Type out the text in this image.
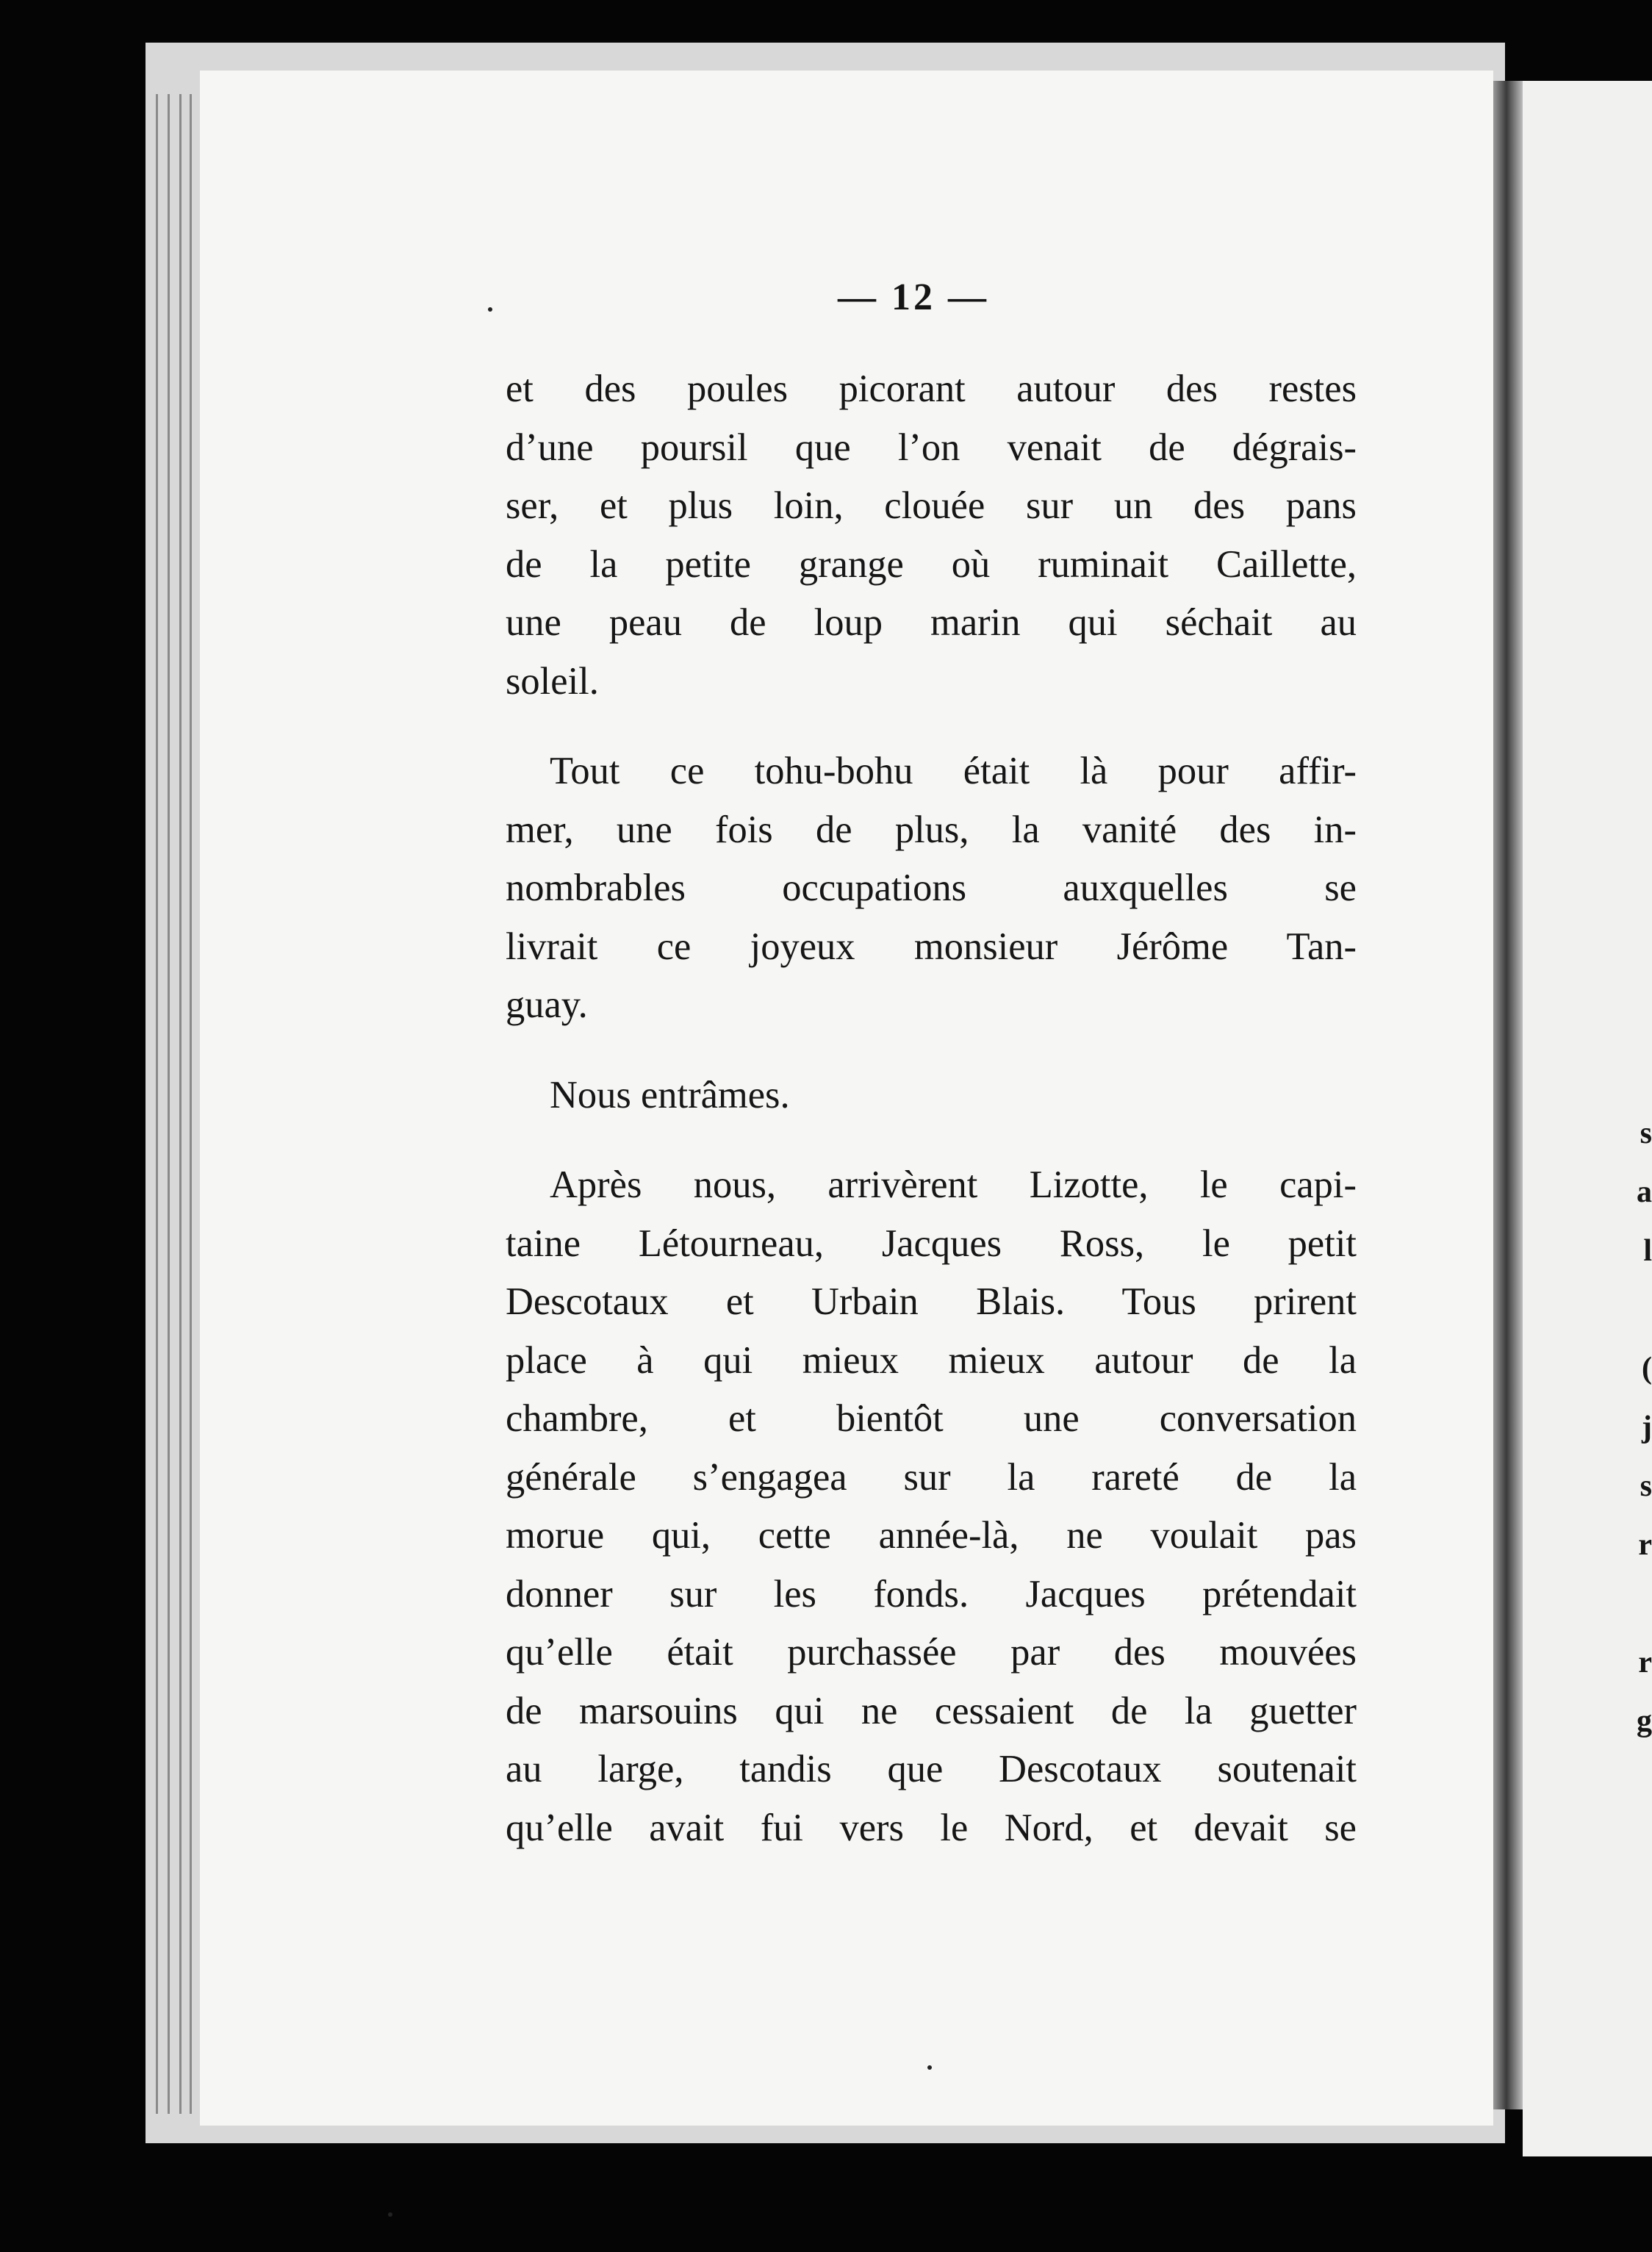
s
a
l
(
j
s
r
r
g
— 12 —
et des poules picorant autour des restes
d’une poursil que l’on venait de dégrais-
ser, et plus loin, clouée sur un des pans
de la petite grange où ruminait Caillette,
une peau de loup marin qui séchait au
soleil.
Tout ce tohu-bohu était là pour affir-
mer, une fois de plus, la vanité des in-
nombrables occupations auxquelles se
livrait ce joyeux monsieur Jérôme Tan-
guay.
Nous entrâmes.
Après nous, arrivèrent Lizotte, le capi-
taine Létourneau, Jacques Ross, le petit
Descotaux et Urbain Blais. Tous prirent
place à qui mieux mieux autour de la
chambre, et bientôt une conversation
générale s’engagea sur la rareté de la
morue qui, cette année-là, ne voulait pas
donner sur les fonds. Jacques prétendait
qu’elle était purchassée par des mouvées
de marsouins qui ne cessaient de la guetter
au large, tandis que Descotaux soutenait
qu’elle avait fui vers le Nord, et devait se
